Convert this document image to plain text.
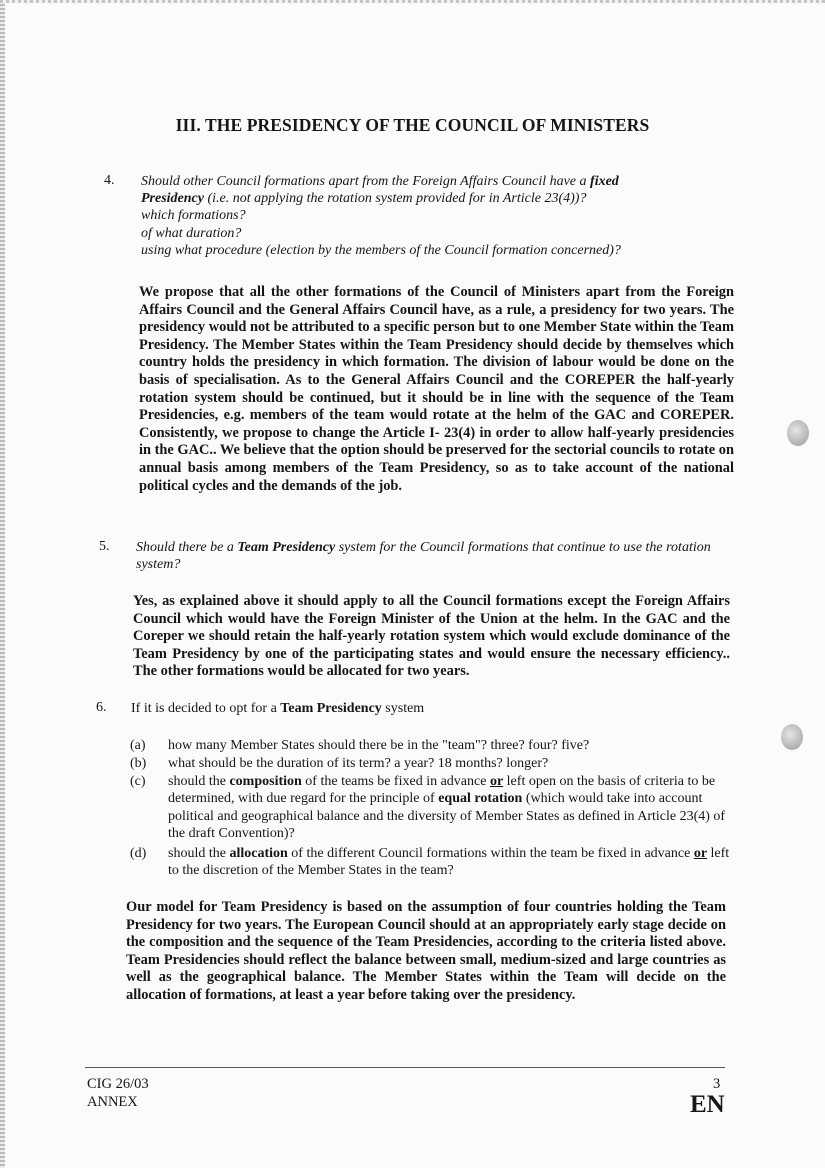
III. THE PRESIDENCY OF THE COUNCIL OF MINISTERS
4. Should other Council formations apart from the Foreign Affairs Council have a fixed
Presidency (i.e. not applying the rotation system provided for in Article 23(4))?
which formations?
of what duration?
using what procedure (election by the members of the Council formation concerned)?
We propose that all the other formations of the Council of Ministers apart from the Foreign Affairs Council and the General Affairs Council have, as a rule, a presidency for two years. The presidency would not be attributed to a specific person but to one Member State within the Team Presidency. The Member States within the Team Presidency should decide by themselves which country holds the presidency in which formation. The division of labour would be done on the basis of specialisation. As to the General Affairs Council and the COREPER the half-yearly rotation system should be continued, but it should be in line with the sequence of the Team Presidencies, e.g. members of the team would rotate at the helm of the GAC and COREPER. Consistently, we propose to change the Article I- 23(4) in order to allow half-yearly presidencies in the GAC.. We believe that the option should be preserved for the sectorial councils to rotate on annual basis among members of the Team Presidency, so as to take account of the national political cycles and the demands of the job.
5. Should there be a Team Presidency system for the Council formations that continue to use the rotation system?
Yes, as explained above it should apply to all the Council formations except the Foreign Affairs Council which would have the Foreign Minister of the Union at the helm. In the GAC and the Coreper we should retain the half-yearly rotation system which would exclude dominance of the Team Presidency by one of the participating states and would ensure the necessary efficiency.. The other formations would be allocated for two years.
6. If it is decided to opt for a Team Presidency system
(a) how many Member States should there be in the "team"? three? four? five?
(b) what should be the duration of its term? a year? 18 months? longer?
(c) should the composition of the teams be fixed in advance or left open on the basis of criteria to be determined, with due regard for the principle of equal rotation (which would take into account political and geographical balance and the diversity of Member States as defined in Article 23(4) of the draft Convention)?
(d) should the allocation of the different Council formations within the team be fixed in advance or left to the discretion of the Member States in the team?
Our model for Team Presidency is based on the assumption of four countries holding the Team Presidency for two years. The European Council should at an appropriately early stage decide on the composition and the sequence of the Team Presidencies, according to the criteria listed above. Team Presidencies should reflect the balance between small, medium-sized and large countries as well as the geographical balance. The Member States within the Team will decide on the allocation of formations, at least a year before taking over the presidency.
CIG 26/03
ANNEX
3
EN
